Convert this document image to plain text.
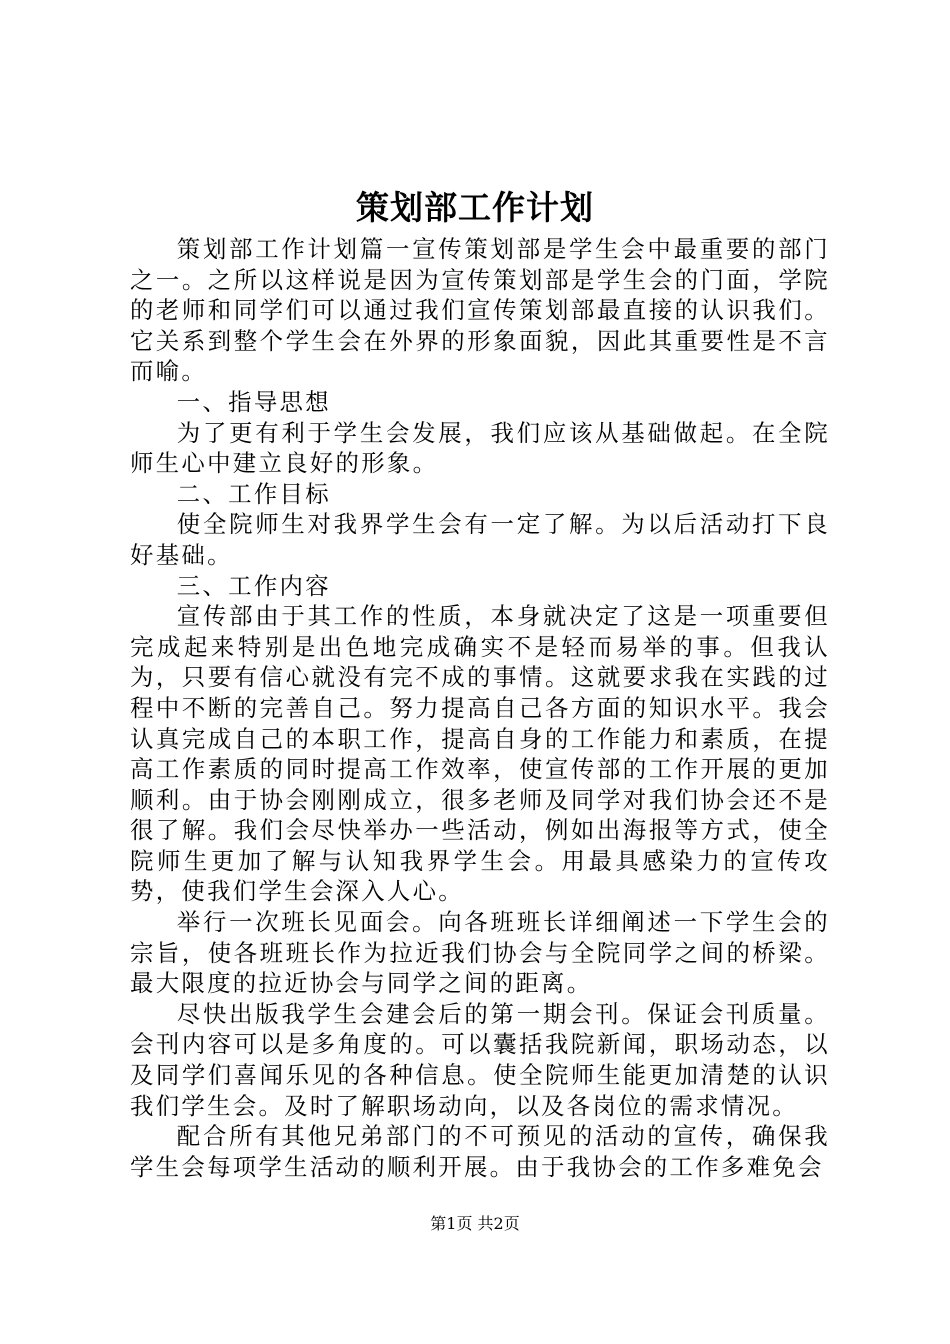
策划部工作计划

策划部工作计划篇一宣传策划部是学生会中最重要的部门之一。之所以这样说是因为宣传策划部是学生会的门面，学院的老师和同学们可以通过我们宣传策划部最直接的认识我们。它关系到整个学生会在外界的形象面貌，因此其重要性是不言而喻。

一、指导思想

为了更有利于学生会发展，我们应该从基础做起。在全院师生心中建立良好的形象。

二、工作目标

使全院师生对我界学生会有一定了解。为以后活动打下良好基础。

三、工作内容

宣传部由于其工作的性质，本身就决定了这是一项重要但完成起来特别是出色地完成确实不是轻而易举的事。但我认为，只要有信心就没有完不成的事情。这就要求我在实践的过程中不断的完善自己。努力提高自己各方面的知识水平。我会认真完成自己的本职工作，提高自身的工作能力和素质，在提高工作素质的同时提高工作效率，使宣传部的工作开展的更加顺利。由于协会刚刚成立，很多老师及同学对我们协会还不是很了解。我们会尽快举办一些活动，例如出海报等方式，使全院师生更加了解与认知我界学生会。用最具感染力的宣传攻势，使我们学生会深入人心。

举行一次班长见面会。向各班班长详细阐述一下学生会的宗旨，使各班班长作为拉近我们协会与全院同学之间的桥梁。最大限度的拉近协会与同学之间的距离。

尽快出版我学生会建会后的第一期会刊。保证会刊质量。会刊内容可以是多角度的。可以囊括我院新闻，职场动态，以及同学们喜闻乐见的各种信息。使全院师生能更加清楚的认识我们学生会。及时了解职场动向，以及各岗位的需求情况。

配合所有其他兄弟部门的不可预见的活动的宣传，确保我学生会每项学生活动的顺利开展。由于我协会的工作多难免会

第1页 共2页
